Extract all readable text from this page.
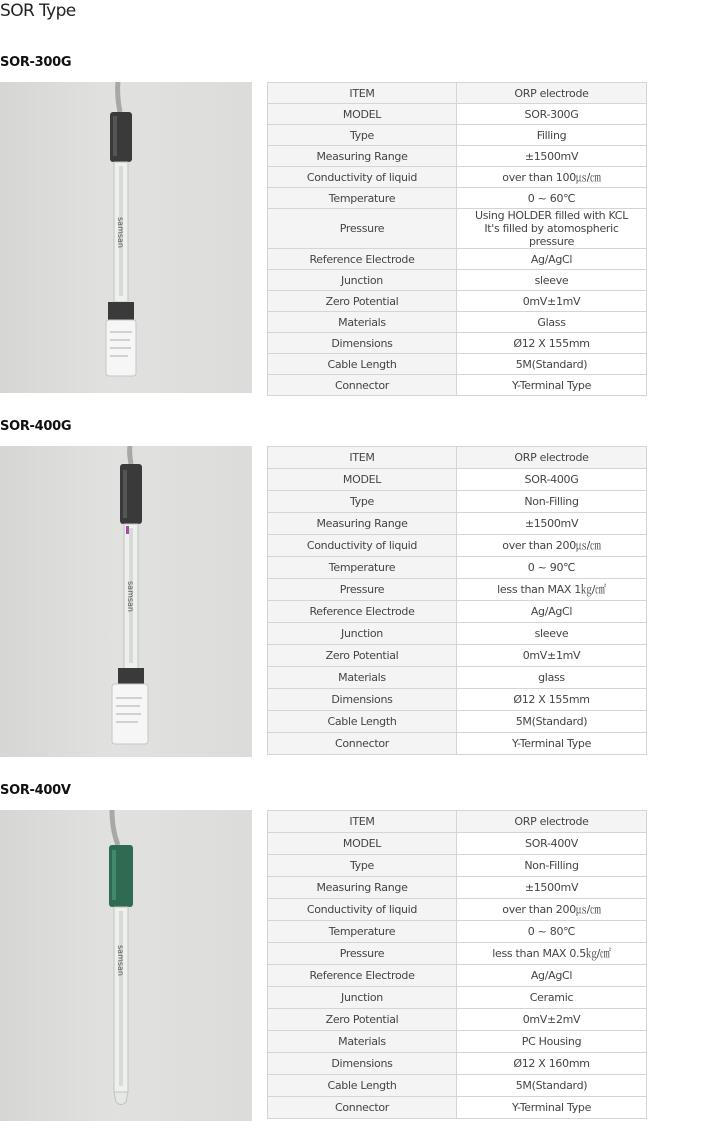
SOR Type
SOR-300G
samsan
ITEM	ORP electrode
MODEL	SOR-300G
Type	Filling
Measuring Range	±1500mV
Conductivity of liquid	over than 100㎲/㎝
Temperature	0 ~ 60℃
Pressure	Using HOLDER filled with KCL
It's filled by atomospheric pressure
Reference Electrode	Ag/AgCl
Junction	sleeve
Zero Potential	0mV±1mV
Materials	Glass
Dimensions	Ø12 X 155mm
Cable Length	5M(Standard)
Connector	Y-Terminal Type
SOR-400G
samsan
ITEM	ORP electrode
MODEL	SOR-400G
Type	Non-Filling
Measuring Range	±1500mV
Conductivity of liquid	over than 200㎲/㎝
Temperature	0 ~ 90℃
Pressure	less than MAX 1㎏/㎠
Reference Electrode	Ag/AgCl
Junction	sleeve
Zero Potential	0mV±1mV
Materials	glass
Dimensions	Ø12 X 155mm
Cable Length	5M(Standard)
Connector	Y-Terminal Type
SOR-400V
samsan
ITEM	ORP electrode
MODEL	SOR-400V
Type	Non-Filling
Measuring Range	±1500mV
Conductivity of liquid	over than 200㎲/㎝
Temperature	0 ~ 80℃
Pressure	less than MAX 0.5㎏/㎠
Reference Electrode	Ag/AgCl
Junction	Ceramic
Zero Potential	0mV±2mV
Materials	PC Housing
Dimensions	Ø12 X 160mm
Cable Length	5M(Standard)
Connector	Y-Terminal Type
